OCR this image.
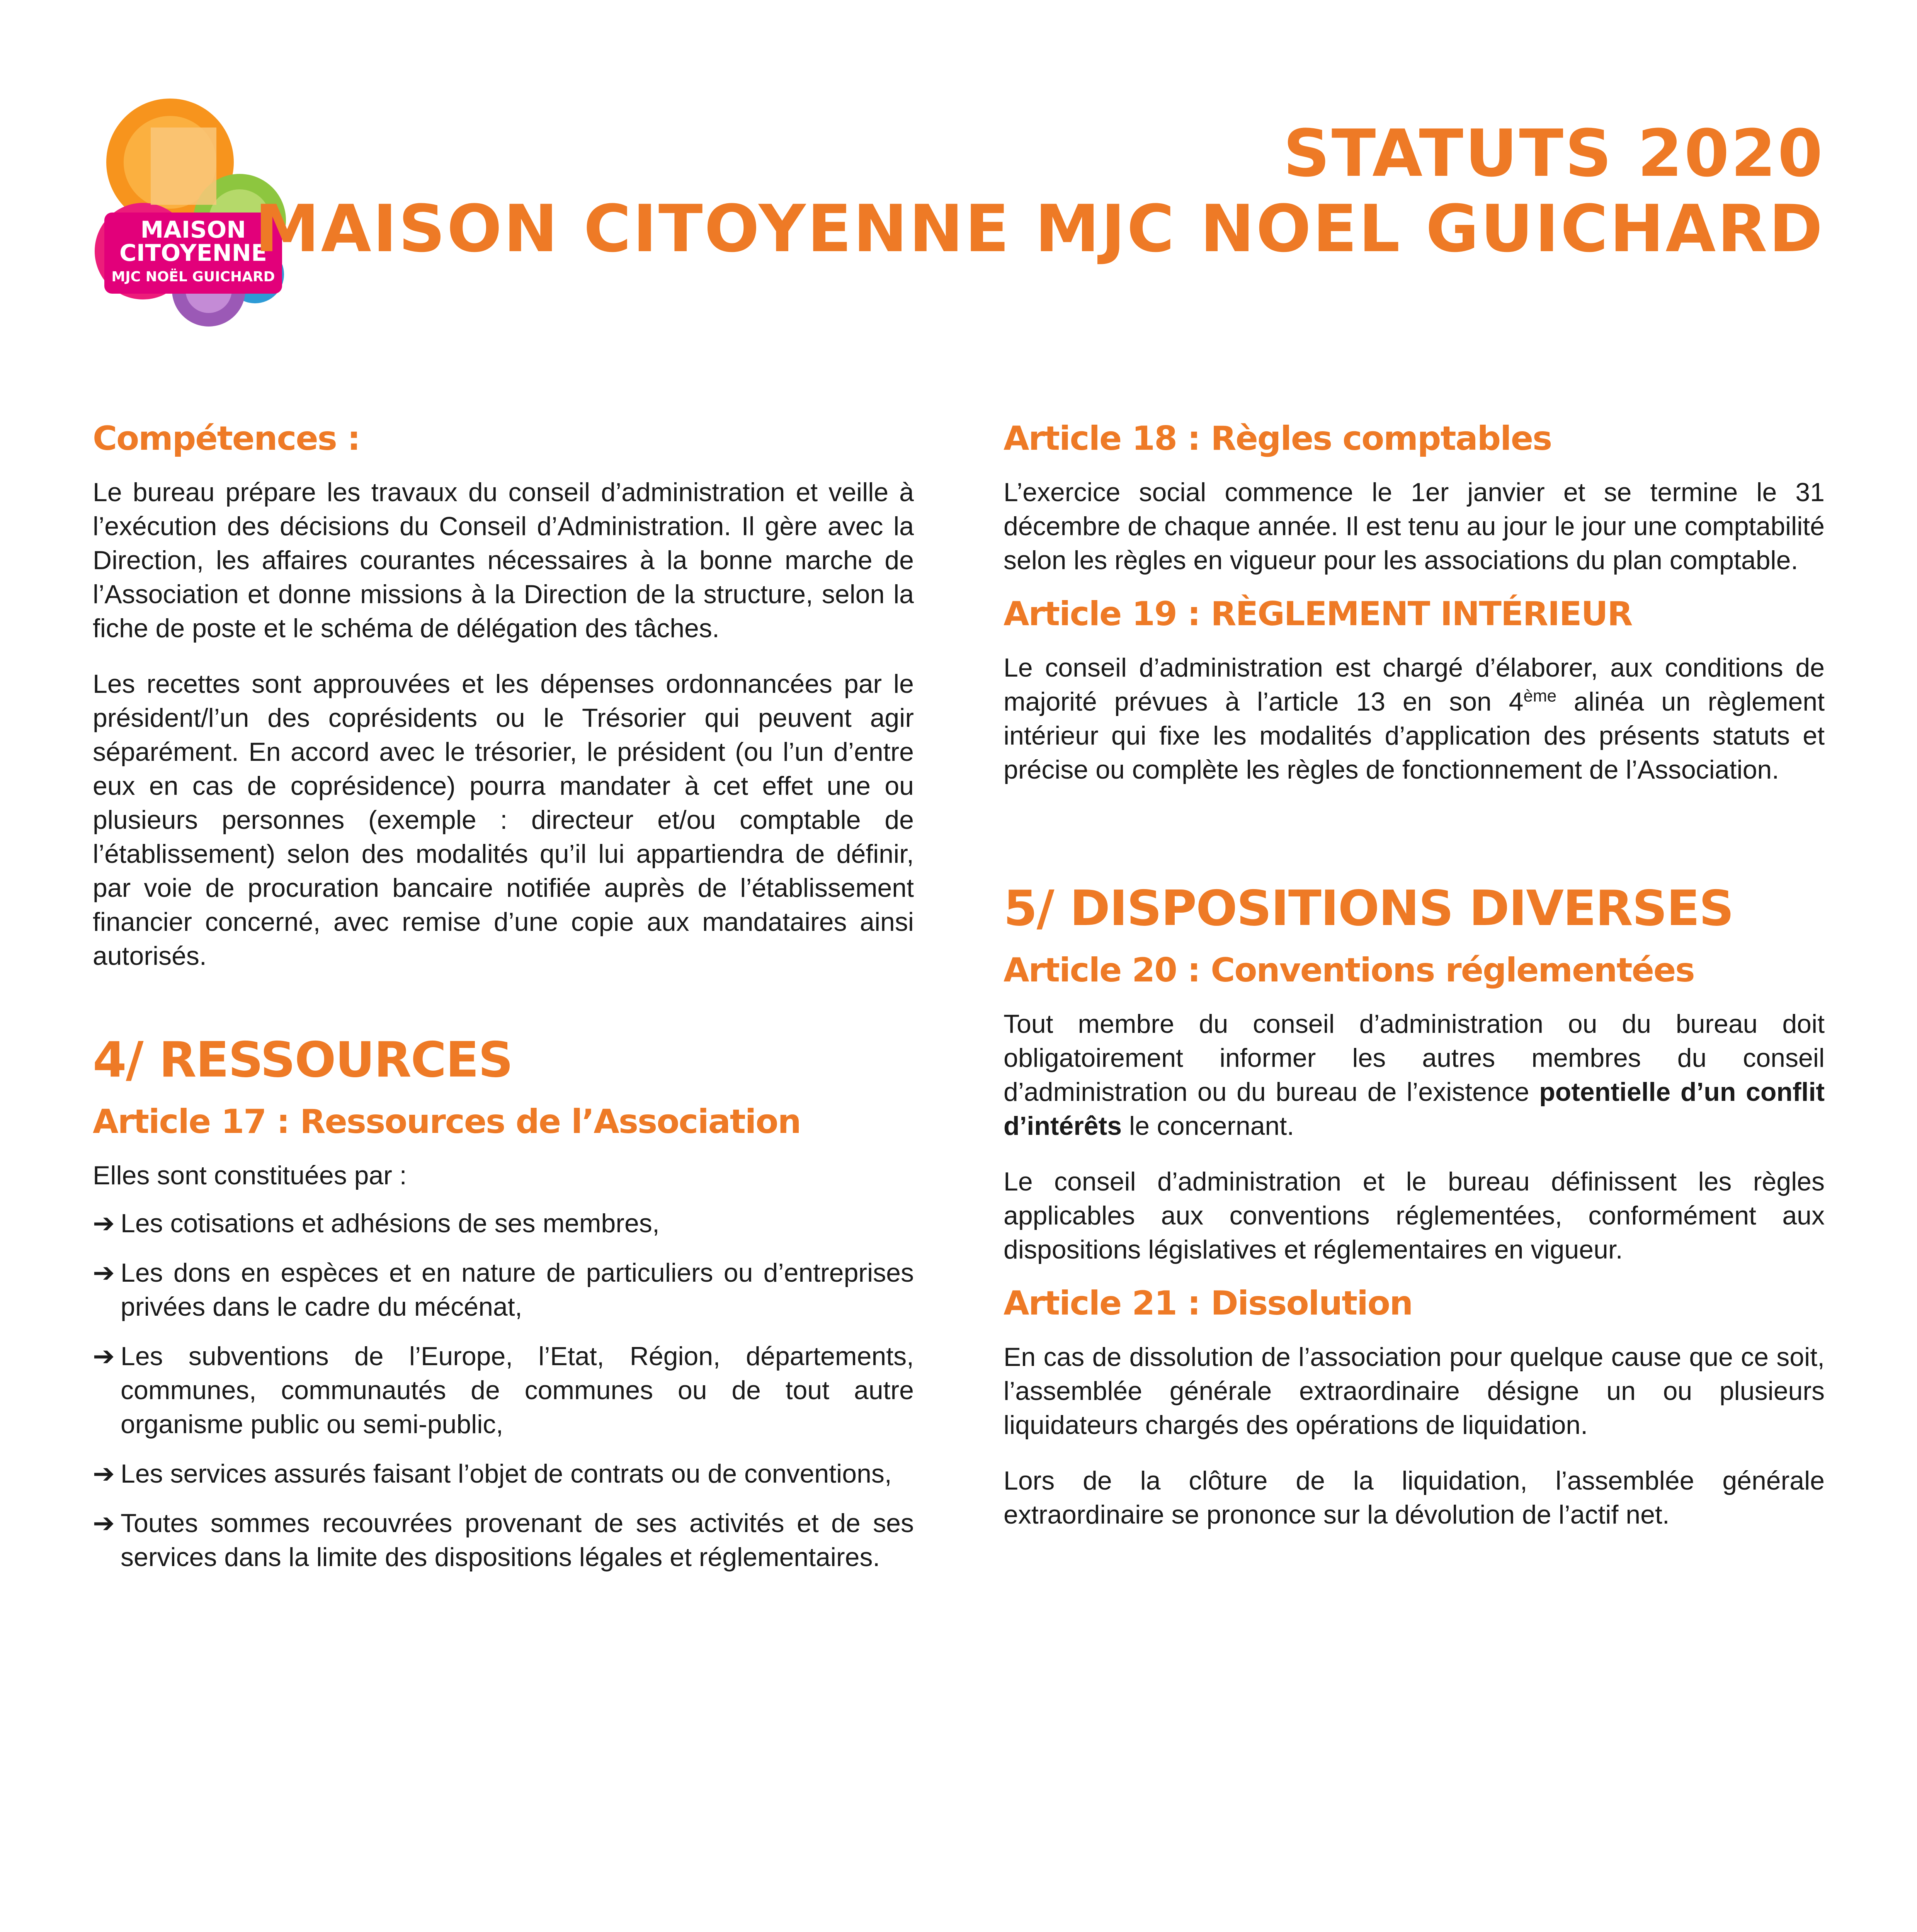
MAISON
CITOYENNE
MJC NOËL GUICHARD
STATUTS 2020
MAISON CITOYENNE MJC NOEL GUICHARD
Compétences :

Le bureau prépare les travaux du conseil d’administration et veille à l’exécution des décisions du Conseil d’Administration. Il gère avec la Direction, les affaires courantes nécessaires à la bonne marche de l’Association et donne missions à la Direction de la structure, selon la fiche de poste et le schéma de délégation des tâches.

Les recettes sont approuvées et les dépenses ordonnancées par le président/l’un des coprésidents ou le Trésorier qui peuvent agir séparément. En accord avec le trésorier, le président (ou l’un d’entre eux en cas de coprésidence) pourra mandater à cet effet une ou plusieurs personnes (exemple : directeur et/ou comptable de l’établissement) selon des modalités qu’il lui appartiendra de définir, par voie de procuration bancaire notifiée auprès de l’établissement financier concerné, avec remise d’une copie aux mandataires ainsi autorisés.

4/ RESSOURCES
Article 17 : Ressources de l’Association

Elles sont constituées par :

➔ Les cotisations et adhésions de ses membres,
➔ Les dons en espèces et en nature de particuliers ou d’entreprises privées dans le cadre du mécénat,
➔ Les subventions de l’Europe, l’Etat, Région, départements, communes, communautés de communes ou de tout autre organisme public ou semi-public,
➔ Les services assurés faisant l’objet de contrats ou de conventions,
➔ Toutes sommes recouvrées provenant de ses activités et de ses services dans la limite des dispositions légales et réglementaires.
Article 18 : Règles comptables

L’exercice social commence le 1er janvier et se termine le 31 décembre de chaque année. Il est tenu au jour le jour une comptabilité selon les règles en vigueur pour les associations du plan comptable.

Article 19 : RÈGLEMENT INTÉRIEUR

Le conseil d’administration est chargé d’élaborer, aux conditions de majorité prévues à l’article 13 en son 4ème alinéa un règlement intérieur qui fixe les modalités d’application des présents statuts et précise ou complète les règles de fonctionnement de l’Association.

5/ DISPOSITIONS DIVERSES
Article 20 : Conventions réglementées

Tout membre du conseil d’administration ou du bureau doit obligatoirement informer les autres membres du conseil d’administration ou du bureau de l’existence potentielle d’un conflit d’intérêts le concernant.

Le conseil d’administration et le bureau définissent les règles applicables aux conventions réglementées, conformément aux dispositions législatives et réglementaires en vigueur.

Article 21 : Dissolution

En cas de dissolution de l’association pour quelque cause que ce soit, l’assemblée générale extraordinaire désigne un ou plusieurs liquidateurs chargés des opérations de liquidation.

Lors de la clôture de la liquidation, l’assemblée générale extraordinaire se prononce sur la dévolution de l’actif net.
